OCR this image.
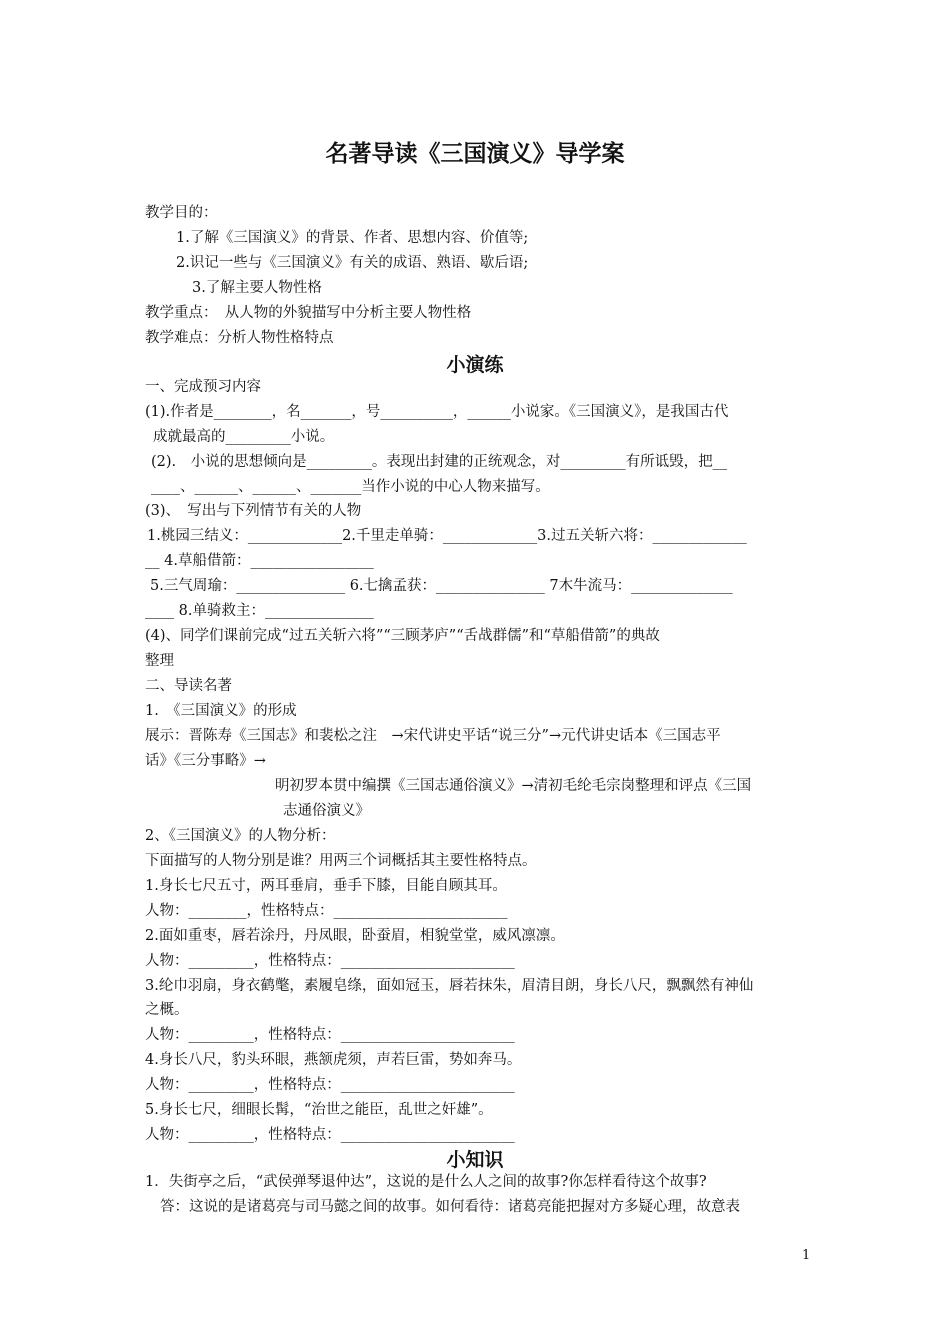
名著导读《三国演义》导学案
教学目的：
1.了解《三国演义》的背景、作者、思想内容、价值等;
2.识记一些与《三国演义》有关的成语、熟语、歇后语;
3.了解主要人物性格
教学重点：　从人物的外貌描写中分析主要人物性格
教学难点：分析人物性格特点
小演练
一、完成预习内容
(1).作者是________，名_______，号__________，______小说家。《三国演义》，是我国古代
成就最高的_________小说。
(2).　小说的思想倾向是_________。表现出封建的正统观念，对_________有所诋毁，把__
____、______、______、_______当作小说的中心人物来描写。
(3)、　写出与下列情节有关的人物
1.桃园三结义：_____________2.千里走单骑：_____________3.过五关斩六将：_____________
__ 4.草船借箭：_________________
5.三气周瑜：_______________ 6.七擒孟获：_______________ 7木牛流马：______________
____ 8.单骑救主：_______________
(4)、同学们课前完成“过五关斩六将”“三顾茅庐”“舌战群儒”和“草船借箭”的典故
整理
二、导读名著
1.　《三国演义》的形成
展示：晋陈寿《三国志》和裴松之注　→宋代讲史平话“说三分”→元代讲史话本《三国志平
话》《三分事略》→
明初罗本贯中编撰《三国志通俗演义》→清初毛纶毛宗岗整理和评点《三国
志通俗演义》
2、《三国演义》的人物分析：
下面描写的人物分别是谁？用两三个词概括其主要性格特点。
1.身长七尺五寸，两耳垂肩，垂手下膝，目能自顾其耳。
人物：________，性格特点：________________________
2.面如重枣，唇若涂丹，丹凤眼，卧蚕眉，相貌堂堂，威风凛凛。
人物：_________，性格特点：________________________
3.纶巾羽扇，身衣鹤氅，素履皂绦，面如冠玉，唇若抹朱，眉清目朗，身长八尺，飘飘然有神仙
之概。
人物：_________，性格特点：________________________
4.身长八尺，豹头环眼，燕颔虎须，声若巨雷，势如奔马。
人物：_________，性格特点：________________________
5.身长七尺，细眼长髯，“治世之能臣，乱世之奸雄”。
人物：_________，性格特点：________________________
小知识
1．失街亭之后，“武侯弹琴退仲达”，这说的是什么人之间的故事?你怎样看待这个故事?
答：这说的是诸葛亮与司马懿之间的故事。如何看待：诸葛亮能把握对方多疑心理，故意表
1
